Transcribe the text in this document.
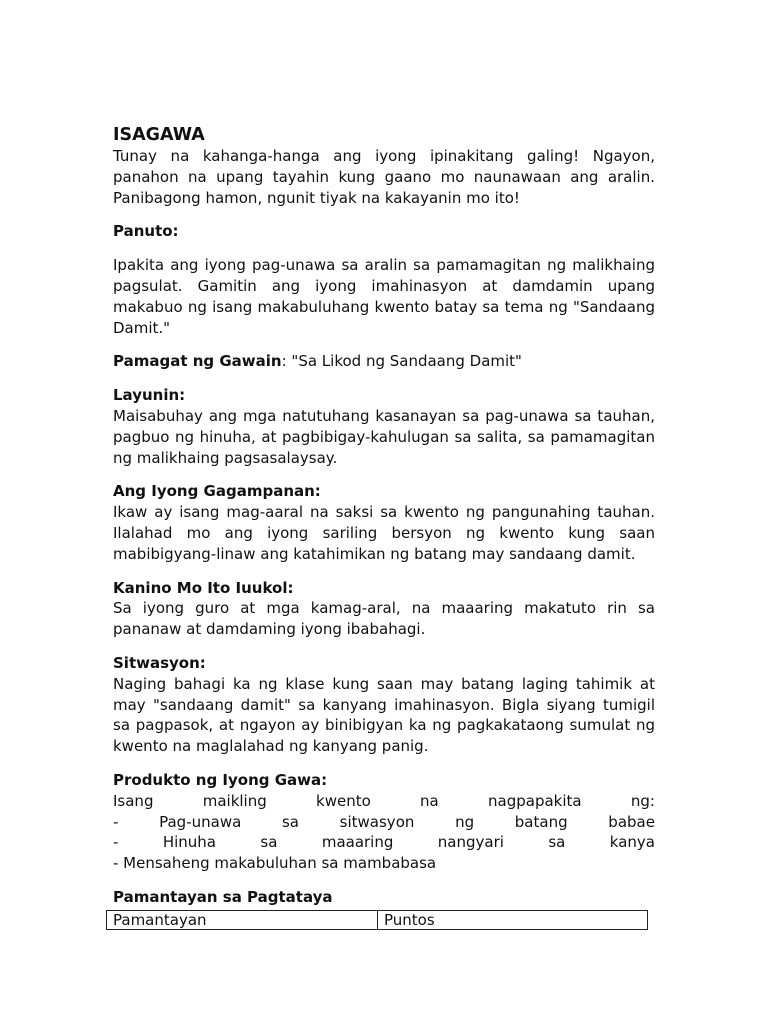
ISAGAWA

Tunay na kahanga-hanga ang iyong ipinakitang galing! Ngayon, panahon na upang tayahin kung gaano mo naunawaan ang aralin. Panibagong hamon, ngunit tiyak na kakayanin mo ito!

Panuto:

Ipakita ang iyong pag-unawa sa aralin sa pamamagitan ng malikhaing pagsulat. Gamitin ang iyong imahinasyon at damdamin upang makabuo ng isang makabuluhang kwento batay sa tema ng "Sandaang Damit."

Pamagat ng Gawain: "Sa Likod ng Sandaang Damit"

Layunin:

Maisabuhay ang mga natutuhang kasanayan sa pag-unawa sa tauhan, pagbuo ng hinuha, at pagbibigay-kahulugan sa salita, sa pamamagitan ng malikhaing pagsasalaysay.

Ang Iyong Gagampanan:

Ikaw ay isang mag-aaral na saksi sa kwento ng pangunahing tauhan. Ilalahad mo ang iyong sariling bersyon ng kwento kung saan mabibigyang-linaw ang katahimikan ng batang may sandaang damit.

Kanino Mo Ito Iuukol:

Sa iyong guro at mga kamag-aral, na maaaring makatuto rin sa pananaw at damdaming iyong ibabahagi.

Sitwasyon:

Naging bahagi ka ng klase kung saan may batang laging tahimik at may "sandaang damit" sa kanyang imahinasyon. Bigla siyang tumigil sa pagpasok, at ngayon ay binibigyan ka ng pagkakataong sumulat ng kwento na maglalahad ng kanyang panig.

Produkto ng Iyong Gawa:

Isang	maikling	kwento	na	nagpapakita	ng:
-	Pag-unawa	sa	sitwasyon	ng	batang	babae
-	Hinuha	sa	maaaring	nangyari	sa	kanya

- Mensaheng makabuluhan sa mambabasa

Pamantayan sa Pagtataya

Pamantayan	Puntos
